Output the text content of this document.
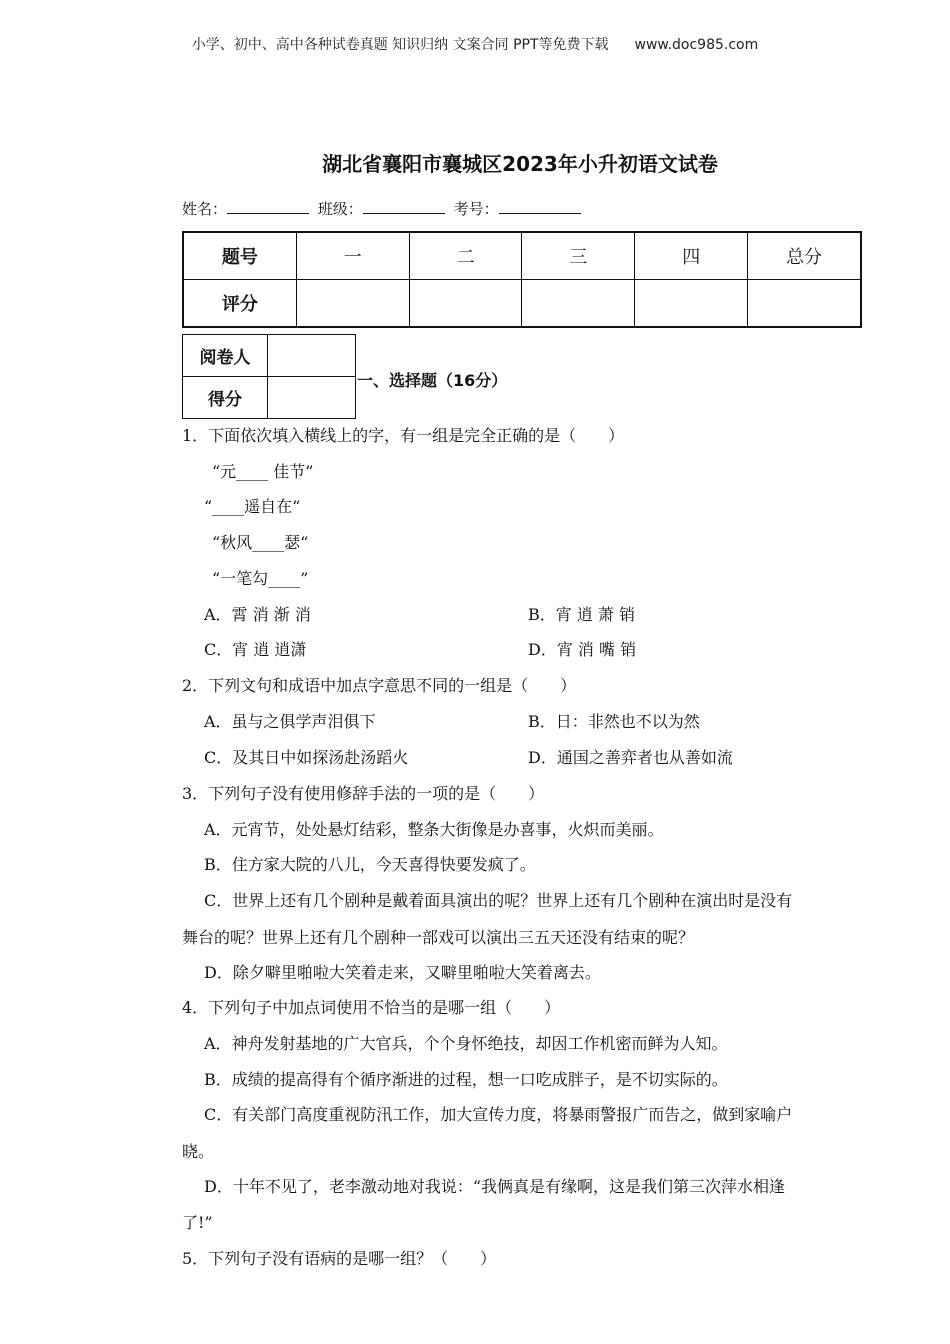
小学、初中、高中各种试卷真题 知识归纳 文案合同 PPT等免费下载 www.doc985.com
湖北省襄阳市襄城区2023年小升初语文试卷
姓名：	班级：	考号：
题号	一	二	三	四	总分
评分					
阅卷人	
得分	
一、选择题（16分）
1．下面依次填入横线上的字，有一组是完全正确的是（　　）
“元____ 佳节”
“____遥自在“
“秋风____瑟“
“一笔勾____”
A．霄 消 渐 消	B．宵 逍 萧 销
C．宵 逍 逍潇	D．宵 消 嘴 销
2．下列文句和成语中加点字意思不同的一组是（　　）
A．虽与之俱学声泪俱下	B．日：非然也不以为然
C．及其日中如探汤赴汤蹈火	D．通国之善弈者也从善如流
3．下列句子没有使用修辞手法的一项的是（　　）
A．元宵节，处处悬灯结彩，整条大街像是办喜事，火炽而美丽。
B．住方家大院的八儿，今天喜得快要发疯了。
C．世界上还有几个剧种是戴着面具演出的呢？世界上还有几个剧种在演出时是没有
舞台的呢？世界上还有几个剧种一部戏可以演出三五天还没有结束的呢？
D．除夕噼里啪啦大笑着走来，又噼里啪啦大笑着离去。
4．下列句子中加点词使用不恰当的是哪一组（　　）
A．神舟发射基地的广大官兵，个个身怀绝技，却因工作机密而鲜为人知。
B．成绩的提高得有个循序渐进的过程，想一口吃成胖子，是不切实际的。
C．有关部门高度重视防汛工作，加大宣传力度，将暴雨警报广而告之，做到家喻户
晓。
D．十年不见了，老李激动地对我说：“我俩真是有缘啊，这是我们第三次萍水相逢
了!”
5．下列句子没有语病的是哪一组？（　　）
